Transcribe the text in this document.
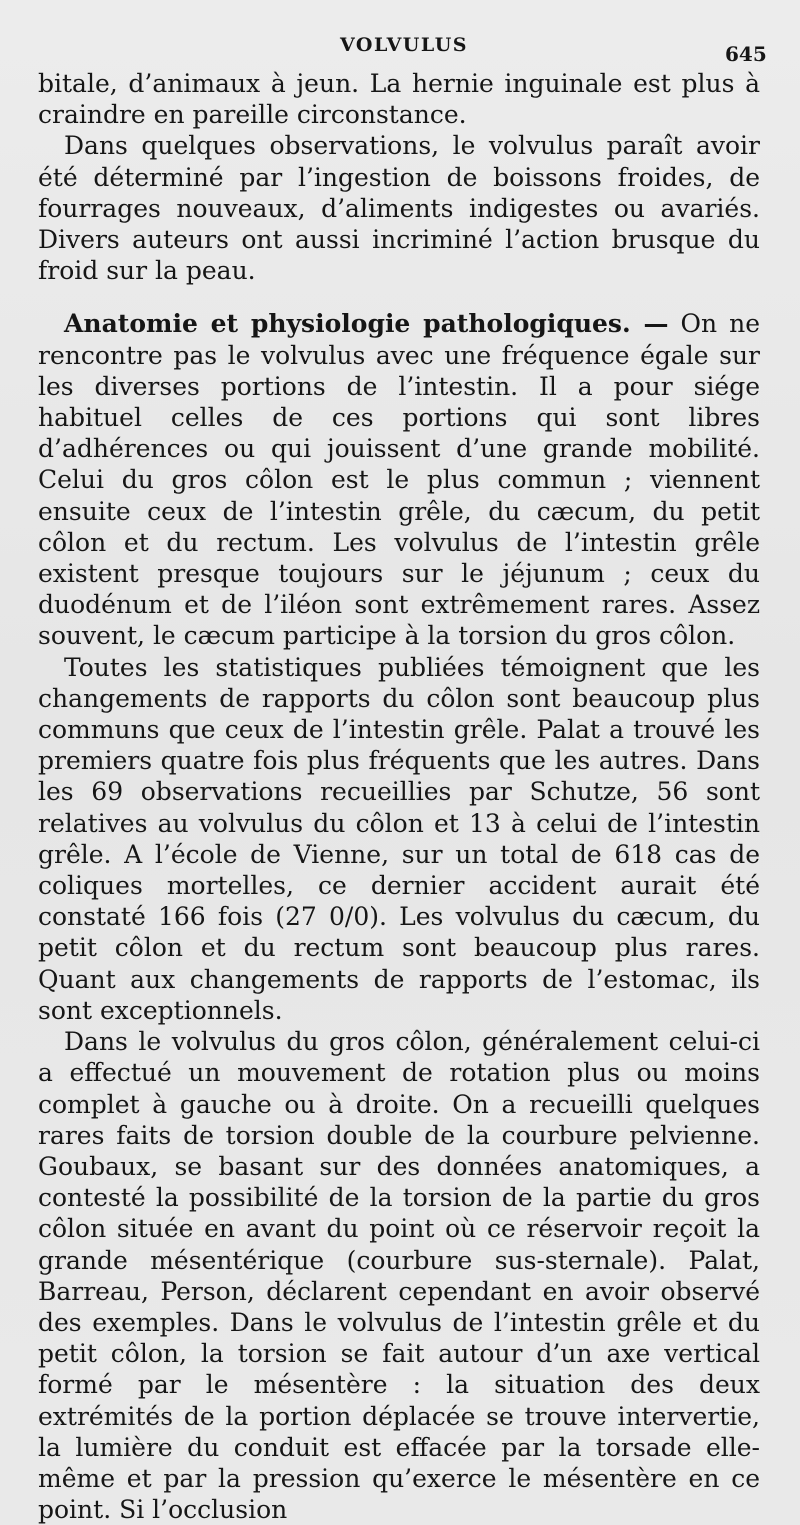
VOLVULUS	645

bitale, d’animaux à jeun. La hernie inguinale est plus à craindre en pareille circonstance.

Dans quelques observations, le volvulus paraît avoir été déterminé par l’ingestion de boissons froides, de fourrages nouveaux, d’aliments indigestes ou avariés. Divers auteurs ont aussi incriminé l’action brusque du froid sur la peau.

Anatomie et physiologie pathologiques. — On ne rencontre pas le volvulus avec une fréquence égale sur les diverses portions de l’intestin. Il a pour siége habituel celles de ces portions qui sont libres d’adhérences ou qui jouissent d’une grande mobilité. Celui du gros côlon est le plus commun ; viennent ensuite ceux de l’intestin grêle, du cæcum, du petit côlon et du rectum. Les volvulus de l’intestin grêle existent presque toujours sur le jéjunum ; ceux du duodénum et de l’iléon sont extrêmement rares. Assez souvent, le cæcum participe à la torsion du gros côlon.

Toutes les statistiques publiées témoignent que les changements de rapports du côlon sont beaucoup plus communs que ceux de l’intestin grêle. Palat a trouvé les premiers quatre fois plus fréquents que les autres. Dans les 69 observations recueillies par Schutze, 56 sont relatives au volvulus du côlon et 13 à celui de l’intestin grêle. A l’école de Vienne, sur un total de 618 cas de coliques mortelles, ce dernier accident aurait été constaté 166 fois (27 0/0). Les volvulus du cæcum, du petit côlon et du rectum sont beaucoup plus rares. Quant aux changements de rapports de l’estomac, ils sont exceptionnels.

Dans le volvulus du gros côlon, généralement celui-ci a effectué un mouvement de rotation plus ou moins complet à gauche ou à droite. On a recueilli quelques rares faits de torsion double de la courbure pelvienne. Goubaux, se basant sur des données anatomiques, a contesté la possibilité de la torsion de la partie du gros côlon située en avant du point où ce réservoir reçoit la grande mésentérique (courbure sus-sternale). Palat, Barreau, Person, déclarent cependant en avoir observé des exemples. Dans le volvulus de l’intestin grêle et du petit côlon, la torsion se fait autour d’un axe vertical formé par le mésentère : la situation des deux extrémités de la portion déplacée se trouve intervertie, la lumière du conduit est effacée par la torsade elle-même et par la pression qu’exerce le mésentère en ce point. Si l’occlusion
